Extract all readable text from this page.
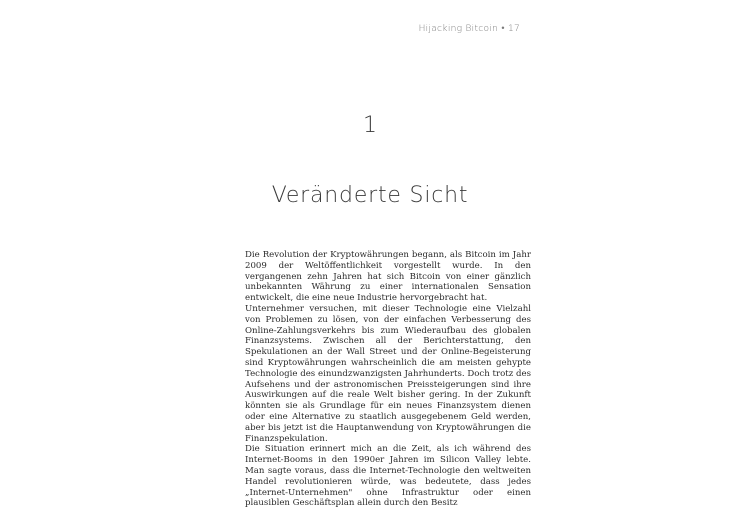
Hijacking Bitcoin • 17
1
Veränderte Sicht

Die Revolution der Kryptowährungen begann, als Bitcoin im Jahr 2009 der Weltöffentlichkeit vorgestellt wurde. In den vergangenen zehn Jahren hat sich Bitcoin von einer gänzlich unbekannten Währung zu einer internationalen Sensation entwickelt, die eine neue Industrie hervorgebracht hat.

Unternehmer versuchen, mit dieser Technologie eine Vielzahl von Problemen zu lösen, von der einfachen Verbesserung des Online-Zahlungsverkehrs bis zum Wiederaufbau des globalen Finanzsystems. Zwischen all der Berichterstattung, den Spekulationen an der Wall Street und der Online-Begeisterung sind Kryptowährungen wahrscheinlich die am meisten gehypte Technologie des einundzwanzigsten Jahrhunderts. Doch trotz des Aufsehens und der astronomischen Preissteigerungen sind ihre Auswirkungen auf die reale Welt bisher gering. In der Zukunft könnten sie als Grundlage für ein neues Finanzsystem dienen oder eine Alternative zu staatlich ausgegebenem Geld werden, aber bis jetzt ist die Hauptanwendung von Kryptowährungen die Finanzspekulation.

Die Situation erinnert mich an die Zeit, als ich während des Internet-Booms in den 1990er Jahren im Silicon Valley lebte. Man sagte voraus, dass die Internet-Technologie den weltweiten Handel revolutionieren würde, was bedeutete, dass jedes „Internet-Unternehmen" ohne Infrastruktur oder einen plausiblen Geschäftsplan allein durch den Besitz
